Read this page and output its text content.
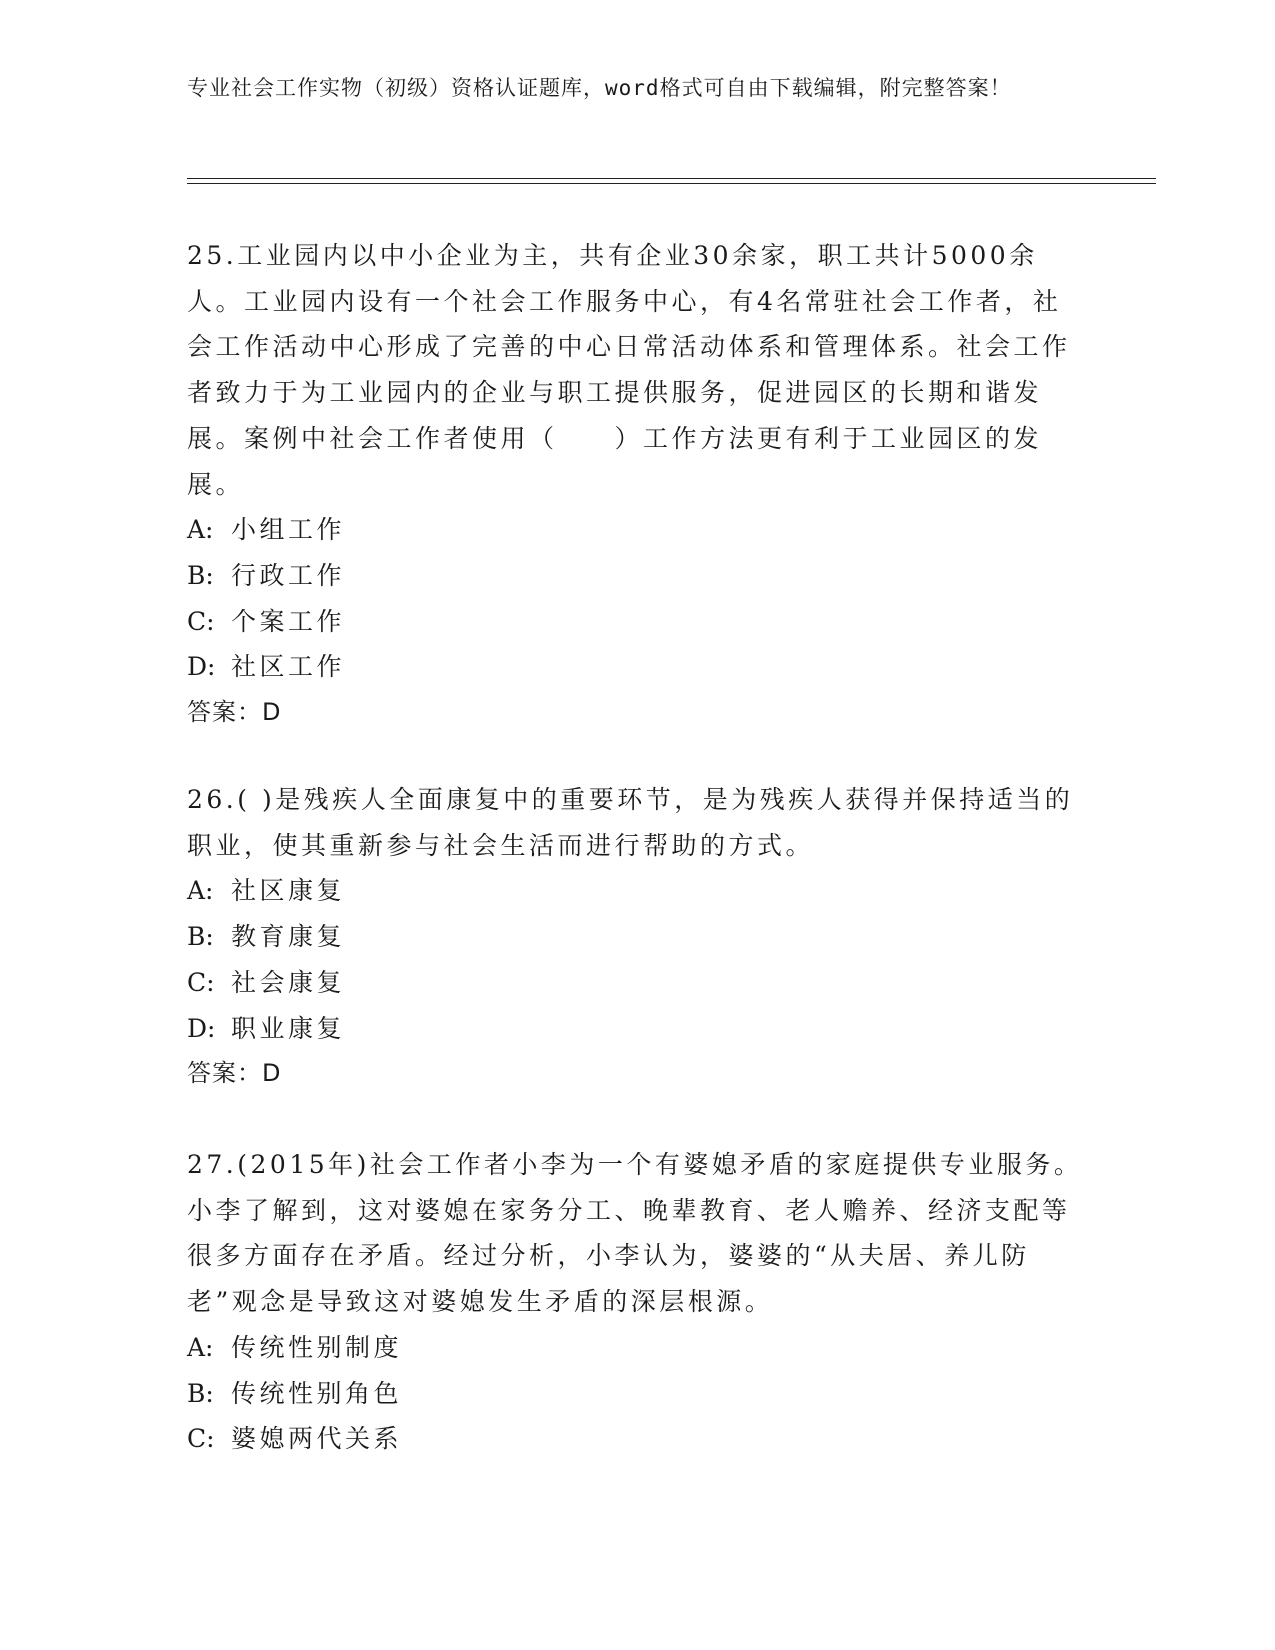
专业社会工作实物（初级）资格认证题库，word格式可自由下载编辑，附完整答案！

25.工业园内以中小企业为主，共有企业30余家，职工共计5000余人。工业园内设有一个社会工作服务中心，有4名常驻社会工作者，社会工作活动中心形成了完善的中心日常活动体系和管理体系。社会工作者致力于为工业园内的企业与职工提供服务，促进园区的长期和谐发展。案例中社会工作者使用（　　）工作方法更有利于工业园区的发展。

A: 小组工作

B: 行政工作

C: 个案工作

D: 社区工作

答案：D

26.( )是残疾人全面康复中的重要环节，是为残疾人获得并保持适当的职业，使其重新参与社会生活而进行帮助的方式。

A: 社区康复

B: 教育康复

C: 社会康复

D: 职业康复

答案：D

27.(2015年)社会工作者小李为一个有婆媳矛盾的家庭提供专业服务。小李了解到，这对婆媳在家务分工、晚辈教育、老人赡养、经济支配等很多方面存在矛盾。经过分析，小李认为，婆婆的“从夫居、养儿防老”观念是导致这对婆媳发生矛盾的深层根源。

A: 传统性别制度

B: 传统性别角色

C: 婆媳两代关系
